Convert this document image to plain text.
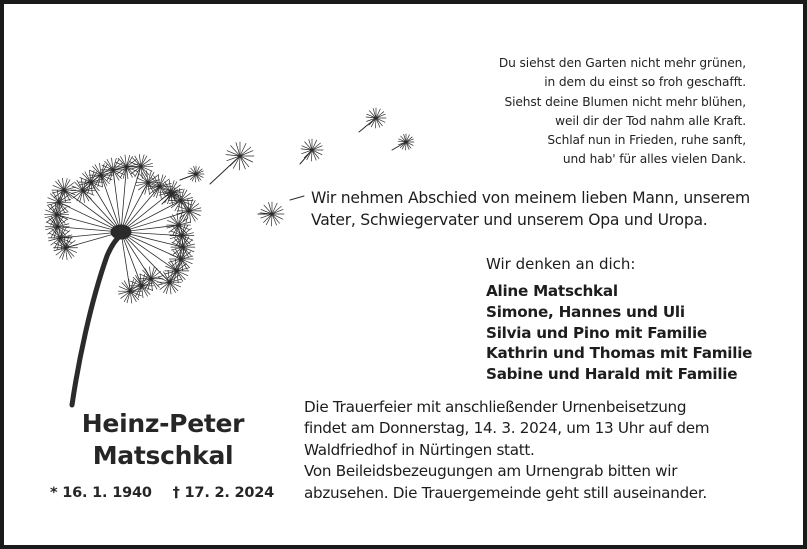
Du siehst den Garten nicht mehr grünen,
in dem du einst so froh geschafft.
Siehst deine Blumen nicht mehr blühen,
weil dir der Tod nahm alle Kraft.
Schlaf nun in Frieden, ruhe sanft,
und hab' für alles vielen Dank.
Wir nehmen Abschied von meinem lieben Mann, unserem
Vater, Schwiegervater und unserem Opa und Uropa.
Wir denken an dich:
Aline Matschkal
Simone, Hannes und Uli
Silvia und Pino mit Familie
Kathrin und Thomas mit Familie
Sabine und Harald mit Familie
Heinz-Peter
Matschkal
* 16. 1. 1940 † 17. 2. 2024
Die Trauerfeier mit anschließender Urnenbeisetzung
findet am Donnerstag, 14. 3. 2024, um 13 Uhr auf dem
Waldfriedhof in Nürtingen statt.
Von Beileidsbezeugungen am Urnengrab bitten wir
abzusehen. Die Trauergemeinde geht still auseinander.
